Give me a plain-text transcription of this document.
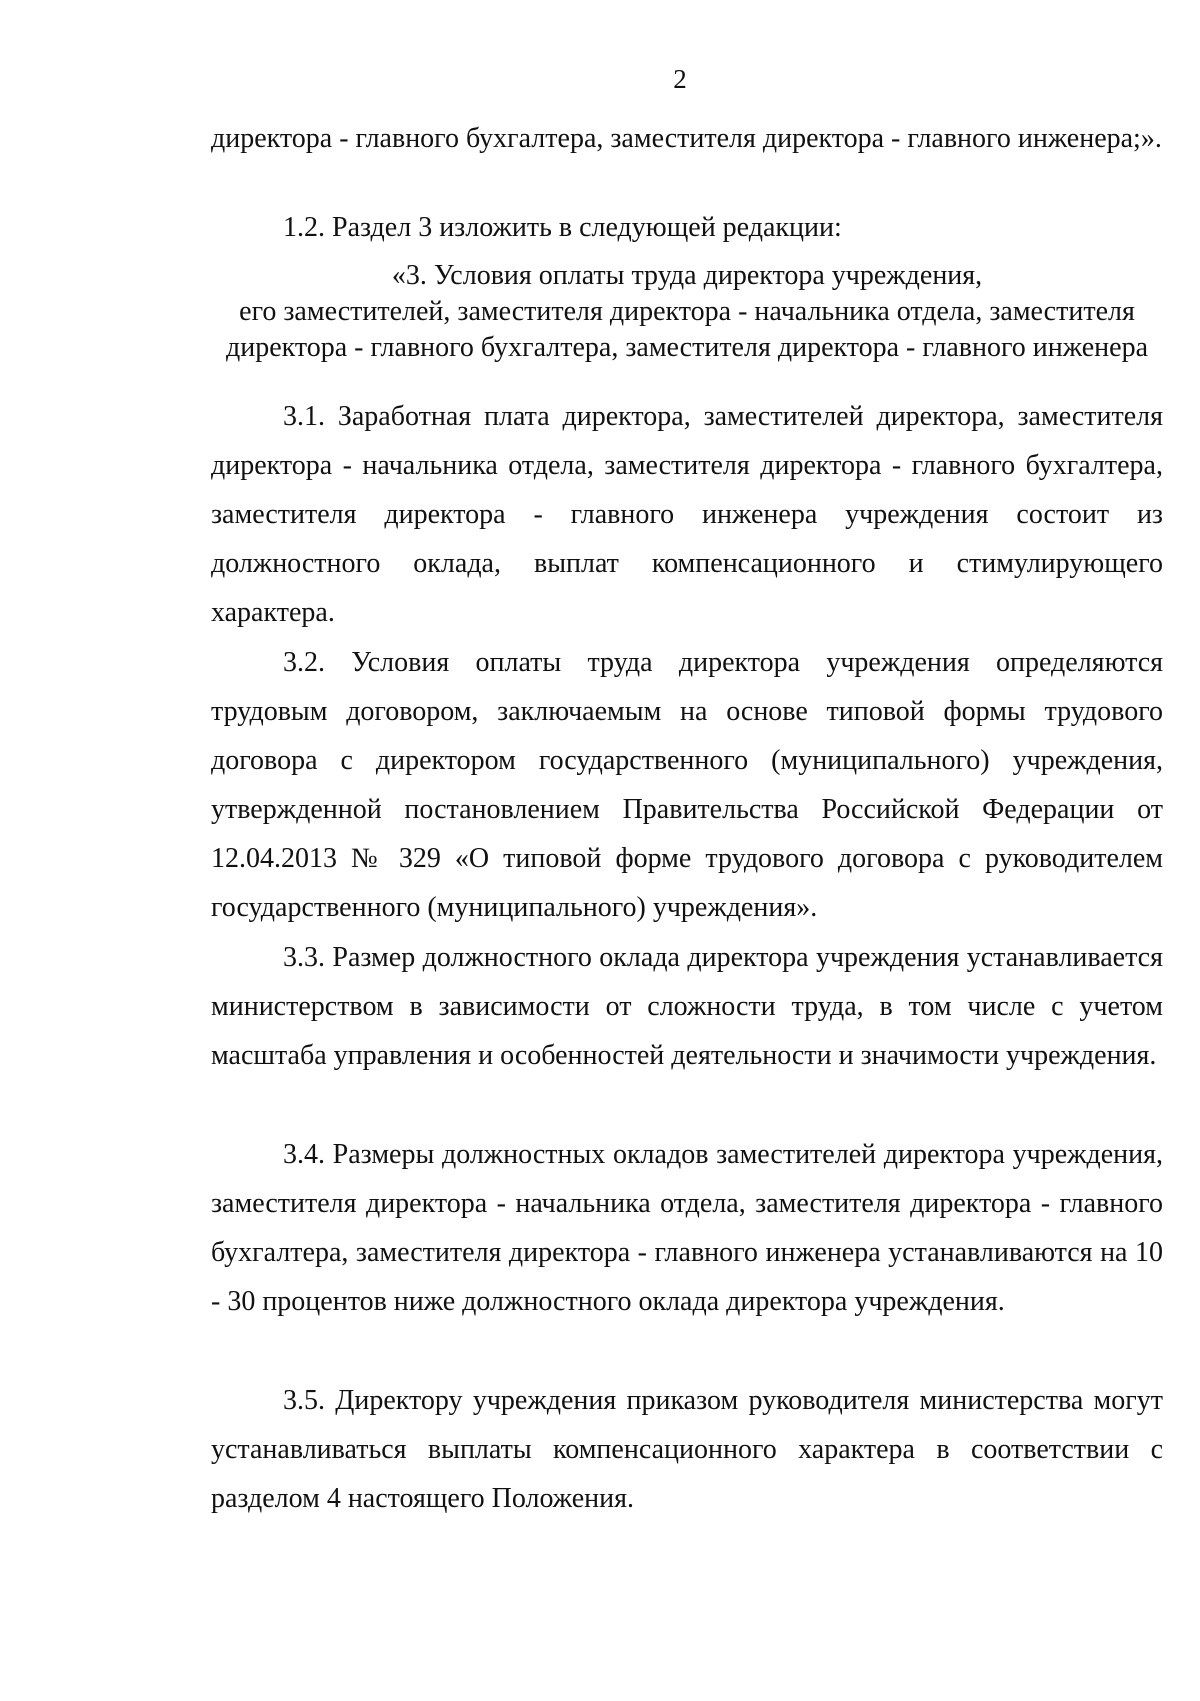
2

директора - главного бухгалтера, заместителя директора - главного инженера;».

1.2. Раздел 3 изложить в следующей редакции:

«3. Условия оплаты труда директора учреждения,
его заместителей, заместителя директора - начальника отдела, заместителя
директора - главного бухгалтера, заместителя директора - главного инженера

3.1. Заработная плата директора, заместителей директора, заместителя директора - начальника отдела, заместителя директора - главного бухгалтера, заместителя директора - главного инженера учреждения состоит из должностного оклада, выплат компенсационного и стимулирующего характера.

3.2. Условия оплаты труда директора учреждения определяются трудовым договором, заключаемым на основе типовой формы трудового договора с директором государственного (муниципального) учреждения, утвержденной постановлением Правительства Российской Федерации от 12.04.2013 № 329 «О типовой форме трудового договора с руководителем государственного (муниципального) учреждения».

3.3. Размер должностного оклада директора учреждения устанавливается министерством в зависимости от сложности труда, в том числе с учетом масштаба управления и особенностей деятельности и значимости учреждения.

3.4. Размеры должностных окладов заместителей директора учреждения, заместителя директора - начальника отдела, заместителя директора - главного бухгалтера, заместителя директора - главного инженера устанавливаются на 10 - 30 процентов ниже должностного оклада директора учреждения.

3.5. Директору учреждения приказом руководителя министерства могут устанавливаться выплаты компенсационного характера в соответствии с разделом 4 настоящего Положения.
